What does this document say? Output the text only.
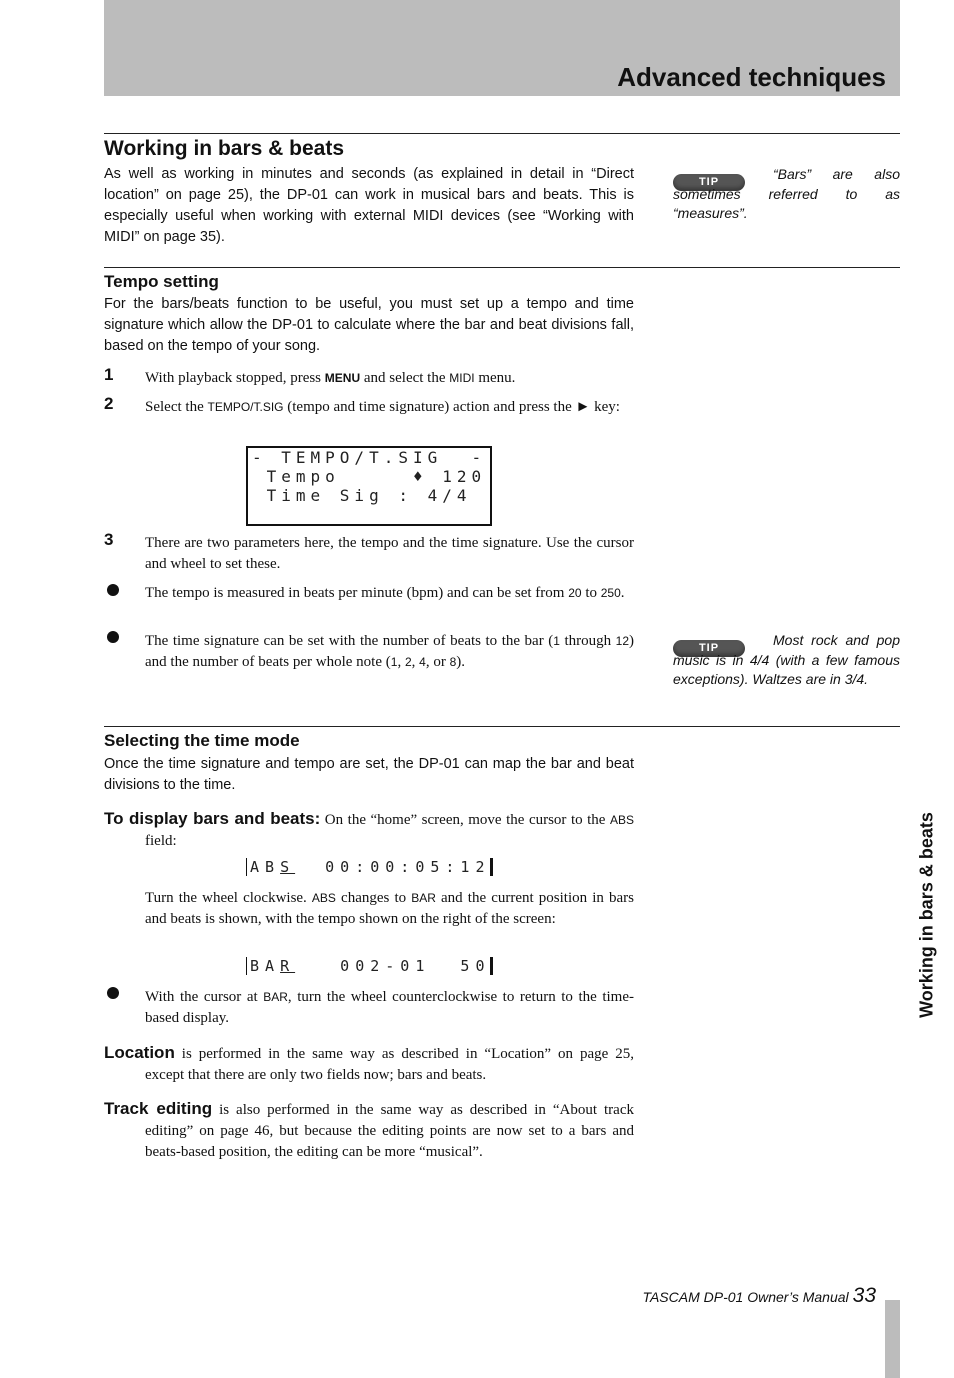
Advanced techniques
Working in bars & beats
As well as working in minutes and seconds (as explained in detail in “Direct location” on page 25), the DP-01 can work in musical bars and beats. This is especially useful when working with external MIDI devices (see “Working with MIDI” on page 35).
TIP	“Bars” are also sometimes referred to as “measures”.
Tempo setting
For the bars/beats function to be useful, you must set up a tempo and time signature which allow the DP-01 to calculate where the bar and beat divisions fall, based on the tempo of your song.
1 With playback stopped, press MENU and select the MIDI menu.
2 Select the TEMPO/T.SIG (tempo and time signature) action and press the ► key:
- TEMPO/T.SIG  -
Tempo     ♦ 120
Time Sig : 4/4
3 There are two parameters here, the tempo and the time signature. Use the cursor and wheel to set these.
The tempo is measured in beats per minute (bpm) and can be set from 20 to 250.
The time signature can be set with the number of beats to the bar (1 through 12) and the number of beats per whole note (1, 2, 4, or 8).
TIP	Most rock and pop music is in 4/4 (with a few famous exceptions). Waltzes are in 3/4.
Selecting the time mode
Once the time signature and tempo are set, the DP-01 can map the bar and beat divisions to the time.
To display bars and beats: On the “home” screen, move the cursor to the ABS field:
ABS  00:00:05:12
Turn the wheel clockwise. ABS changes to BAR and the current position in bars and beats is shown, with the tempo shown on the right of the screen:
BAR   002-01  50
With the cursor at BAR, turn the wheel counterclockwise to return to the time-based display.
Location is performed in the same way as described in “Location” on page 25, except that there are only two fields now; bars and beats.
Track editing is also performed in the same way as described in “About track editing” on page 46, but because the editing points are now set to a bars and beats-based position, the editing can be more “musical”.
Working in bars & beats
TASCAM DP-01 Owner’s Manual 33
